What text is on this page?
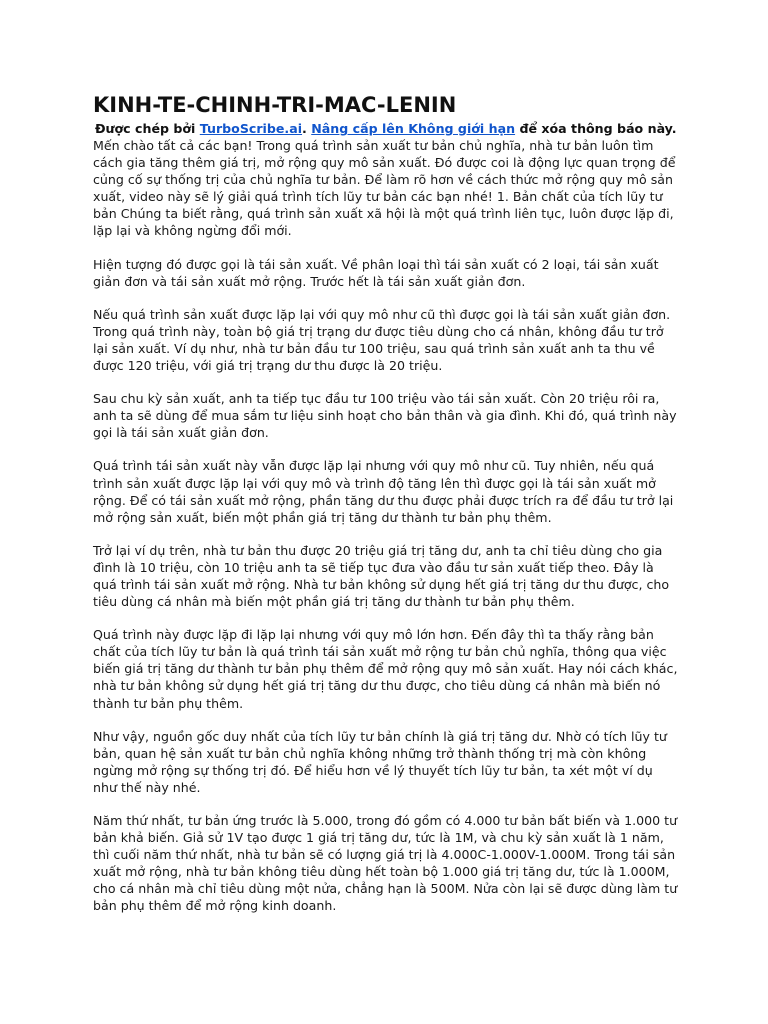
KINH-TE-CHINH-TRI-MAC-LENIN
Được chép bởi TurboScribe.ai. Nâng cấp lên Không giới hạn để xóa thông báo này.

Mến chào tất cả các bạn! Trong quá trình sản xuất tư bản chủ nghĩa, nhà tư bản luôn tìm cách gia tăng thêm giá trị, mở rộng quy mô sản xuất. Đó được coi là động lực quan trọng để củng cố sự thống trị của chủ nghĩa tư bản. Để làm rõ hơn về cách thức mở rộng quy mô sản xuất, video này sẽ lý giải quá trình tích lũy tư bản các bạn nhé! 1. Bản chất của tích lũy tư bản Chúng ta biết rằng, quá trình sản xuất xã hội là một quá trình liên tục, luôn được lặp đi, lặp lại và không ngừng đổi mới.

Hiện tượng đó được gọi là tái sản xuất. Về phân loại thì tái sản xuất có 2 loại, tái sản xuất giản đơn và tái sản xuất mở rộng. Trước hết là tái sản xuất giản đơn.

Nếu quá trình sản xuất được lặp lại với quy mô như cũ thì được gọi là tái sản xuất giản đơn. Trong quá trình này, toàn bộ giá trị trạng dư được tiêu dùng cho cá nhân, không đầu tư trở lại sản xuất. Ví dụ như, nhà tư bản đầu tư 100 triệu, sau quá trình sản xuất anh ta thu về được 120 triệu, với giá trị trạng dư thu được là 20 triệu.

Sau chu kỳ sản xuất, anh ta tiếp tục đầu tư 100 triệu vào tái sản xuất. Còn 20 triệu rôi ra, anh ta sẽ dùng để mua sắm tư liệu sinh hoạt cho bản thân và gia đình. Khi đó, quá trình này gọi là tái sản xuất giản đơn.

Quá trình tái sản xuất này vẫn được lặp lại nhưng với quy mô như cũ. Tuy nhiên, nếu quá trình sản xuất được lặp lại với quy mô và trình độ tăng lên thì được gọi là tái sản xuất mở rộng. Để có tái sản xuất mở rộng, phần tăng dư thu được phải được trích ra để đầu tư trở lại mở rộng sản xuất, biến một phần giá trị tăng dư thành tư bản phụ thêm.

Trở lại ví dụ trên, nhà tư bản thu được 20 triệu giá trị tăng dư, anh ta chỉ tiêu dùng cho gia đình là 10 triệu, còn 10 triệu anh ta sẽ tiếp tục đưa vào đầu tư sản xuất tiếp theo. Đây là quá trình tái sản xuất mở rộng. Nhà tư bản không sử dụng hết giá trị tăng dư thu được, cho tiêu dùng cá nhân mà biến một phần giá trị tăng dư thành tư bản phụ thêm.

Quá trình này được lặp đi lặp lại nhưng với quy mô lớn hơn. Đến đây thì ta thấy rằng bản chất của tích lũy tư bản là quá trình tái sản xuất mở rộng tư bản chủ nghĩa, thông qua việc biến giá trị tăng dư thành tư bản phụ thêm để mở rộng quy mô sản xuất. Hay nói cách khác, nhà tư bản không sử dụng hết giá trị tăng dư thu được, cho tiêu dùng cá nhân mà biến nó thành tư bản phụ thêm.

Như vậy, nguồn gốc duy nhất của tích lũy tư bản chính là giá trị tăng dư. Nhờ có tích lũy tư bản, quan hệ sản xuất tư bản chủ nghĩa không những trở thành thống trị mà còn không ngừng mở rộng sự thống trị đó. Để hiểu hơn về lý thuyết tích lũy tư bản, ta xét một ví dụ như thế này nhé.

Năm thứ nhất, tư bản ứng trước là 5.000, trong đó gồm có 4.000 tư bản bất biến và 1.000 tư bản khả biến. Giả sử 1V tạo được 1 giá trị tăng dư, tức là 1M, và chu kỳ sản xuất là 1 năm, thì cuối năm thứ nhất, nhà tư bản sẽ có lượng giá trị là 4.000C-1.000V-1.000M. Trong tái sản xuất mở rộng, nhà tư bản không tiêu dùng hết toàn bộ 1.000 giá trị tăng dư, tức là 1.000M, cho cá nhân mà chỉ tiêu dùng một nửa, chẳng hạn là 500M. Nửa còn lại sẽ được dùng làm tư bản phụ thêm để mở rộng kinh doanh.
